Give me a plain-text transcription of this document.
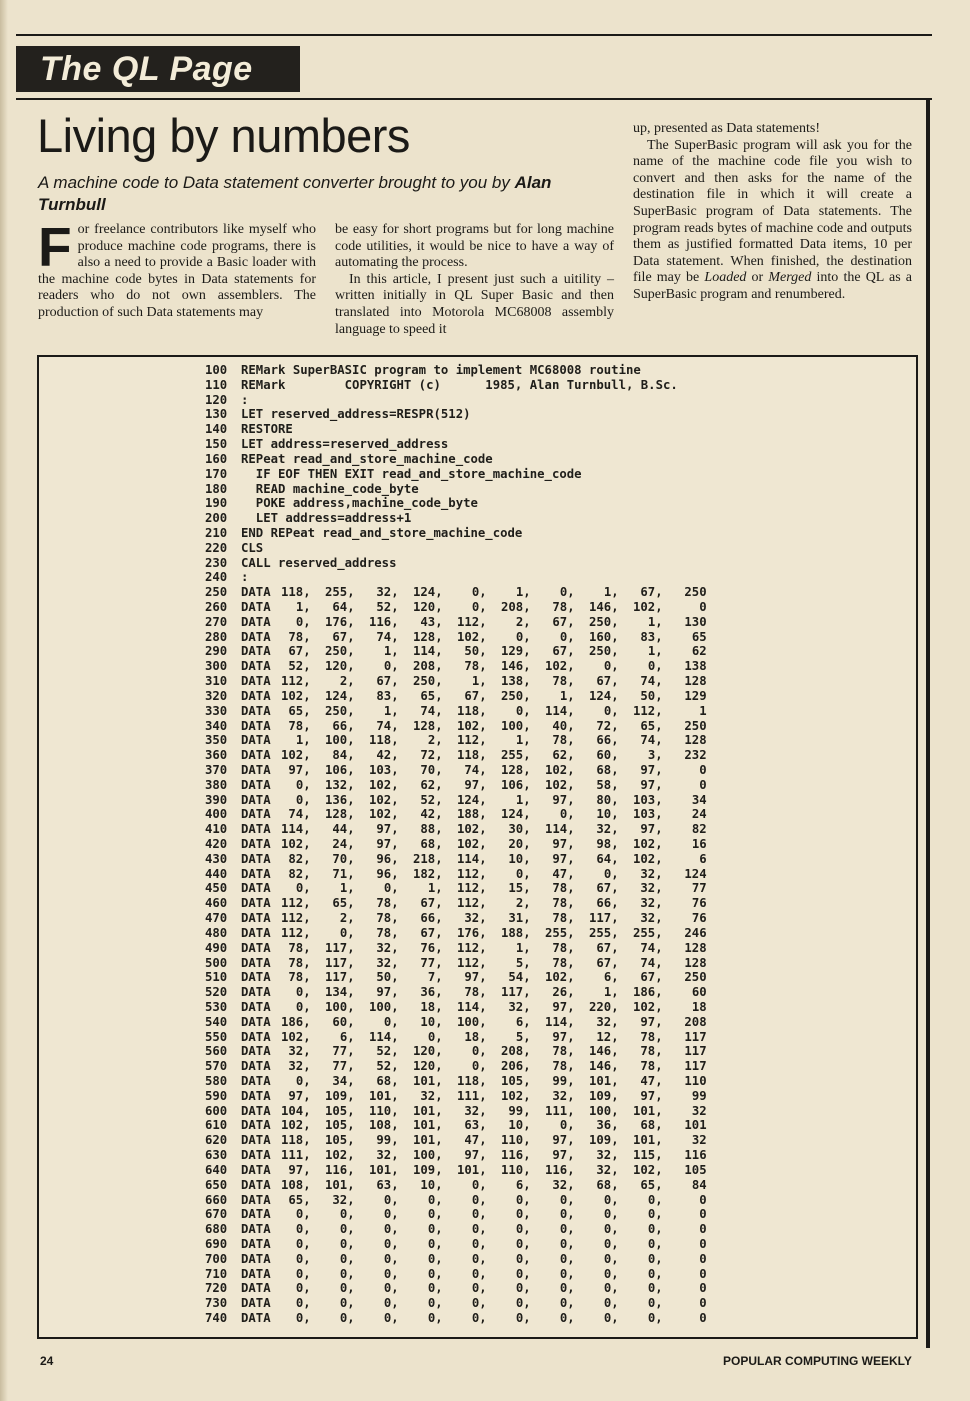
The QL Page
Living by numbers
A machine code to Data statement converter brought to you by Alan Turnbull

F or freelance contributors like myself who produce machine code programs, there is also a need to provide a Basic loader with the machine code bytes in Data statements for readers who do not own assemblers. The production of such Data statements may

be easy for short programs but for long machine code utilities, it would be nice to have a way of automating the process.

In this article, I present just such a uitility – written initially in QL Super Basic and then translated into Motorola MC68008 assembly language to speed it

up, presented as Data statements!

The SuperBasic program will ask you for the name of the machine code file you wish to convert and then asks for the name of the destination file in which it will create a SuperBasic program of Data statements. The program reads bytes of machine code and outputs them as justified formatted Data items, 10 per Data statement. When finished, the destination file may be Loaded or Merged into the QL as a SuperBasic program and renumbered.

100 REMark SuperBASIC program to implement MC68008 routine
110 REMark        COPYRIGHT (c)      1985, Alan Turnbull, B.Sc.
120 :
130 LET reserved_address=RESPR(512)
140 RESTORE
150 LET address=reserved_address
160 REPeat read_and_store_machine_code
170  IF EOF THEN EXIT read_and_store_machine_code
180  READ machine_code_byte
190  POKE address,machine_code_byte
200  LET address=address+1
210 END REPeat read_and_store_machine_code
220 CLS
230 CALL reserved_address
240 :
250 DATA 118, 255, 32, 124, 0, 1, 0, 1, 67, 250
260 DATA 1, 64, 52, 120, 0, 208, 78, 146, 102,	0
270 DATA 0, 176, 116, 43, 112, 2, 67, 250, 1, 130
280 DATA 78, 67, 74, 128, 102, 0, 0, 160, 83, 65
290 DATA 67, 250, 1, 114, 50, 129, 67, 250, 1, 62
300 DATA 52, 120, 0, 208, 78, 146, 102, 0, 0, 138
310 DATA 112, 2, 67, 250, 1, 138, 78, 67, 74, 128
320 DATA 102, 124, 83, 65, 67, 250, 1, 124, 50, 129
330 DATA 65, 250, 1, 74, 118, 0, 114, 0, 112,	1
340 DATA 78, 66, 74, 128, 102, 100, 40, 72, 65, 250
350 DATA 1, 100, 118, 2, 112, 1, 78, 66, 74, 128
360 DATA 102, 84, 42, 72, 118, 255, 62, 60, 3, 232
370 DATA 97, 106, 103, 70, 74, 128, 102, 68, 97,	0
380 DATA 0, 132, 102, 62, 97, 106, 102, 58, 97,	0
390 DATA 0, 136, 102, 52, 124, 1, 97, 80, 103, 34
400 DATA 74, 128, 102, 42, 188, 124, 0, 10, 103, 24
410 DATA 114, 44, 97, 88, 102, 30, 114, 32, 97, 82
420 DATA 102, 24, 97, 68, 102, 20, 97, 98, 102, 16
430 DATA 82, 70, 96, 218, 114, 10, 97, 64, 102,	6
440 DATA 82, 71, 96, 182, 112, 0, 47, 0, 32, 124
450 DATA 0, 1, 0, 1, 112, 15, 78, 67, 32, 77
460 DATA 112, 65, 78, 67, 112, 2, 78, 66, 32, 76
470 DATA 112, 2, 78, 66, 32, 31, 78, 117, 32, 76
480 DATA 112, 0, 78, 67, 176, 188, 255, 255, 255, 246
490 DATA 78, 117, 32, 76, 112, 1, 78, 67, 74, 128
500 DATA 78, 117, 32, 77, 112, 5, 78, 67, 74, 128
510 DATA 78, 117, 50, 7, 97, 54, 102, 6, 67, 250
520 DATA 0, 134, 97, 36, 78, 117, 26, 1, 186, 60
530 DATA 0, 100, 100, 18, 114, 32, 97, 220, 102, 18
540 DATA 186, 60, 0, 10, 100, 6, 114, 32, 97, 208
550 DATA 102, 6, 114, 0, 18, 5, 97, 12, 78, 117
560 DATA 32, 77, 52, 120, 0, 208, 78, 146, 78, 117
570 DATA 32, 77, 52, 120, 0, 206, 78, 146, 78, 117
580 DATA 0, 34, 68, 101, 118, 105, 99, 101, 47, 110
590 DATA 97, 109, 101, 32, 111, 102, 32, 109, 97, 99
600 DATA 104, 105, 110, 101, 32, 99, 111, 100, 101, 32
610 DATA 102, 105, 108, 101, 63, 10, 0, 36, 68, 101
620 DATA 118, 105, 99, 101, 47, 110, 97, 109, 101, 32
630 DATA 111, 102, 32, 100, 97, 116, 97, 32, 115, 116
640 DATA 97, 116, 101, 109, 101, 110, 116, 32, 102, 105
650 DATA 108, 101, 63, 10, 0, 6, 32, 68, 65, 84
660 DATA 65, 32, 0, 0, 0, 0, 0, 0, 0,	0
670 DATA 0, 0, 0, 0, 0, 0, 0, 0, 0,	0
680 DATA 0, 0, 0, 0, 0, 0, 0, 0, 0,	0
690 DATA 0, 0, 0, 0, 0, 0, 0, 0, 0,	0
700 DATA 0, 0, 0, 0, 0, 0, 0, 0, 0,	0
710 DATA 0, 0, 0, 0, 0, 0, 0, 0, 0,	0
720 DATA 0, 0, 0, 0, 0, 0, 0, 0, 0,	0
730 DATA 0, 0, 0, 0, 0, 0, 0, 0, 0,	0
740 DATA 0, 0, 0, 0, 0, 0, 0, 0, 0,	0
24	POPULAR COMPUTING WEEKLY
